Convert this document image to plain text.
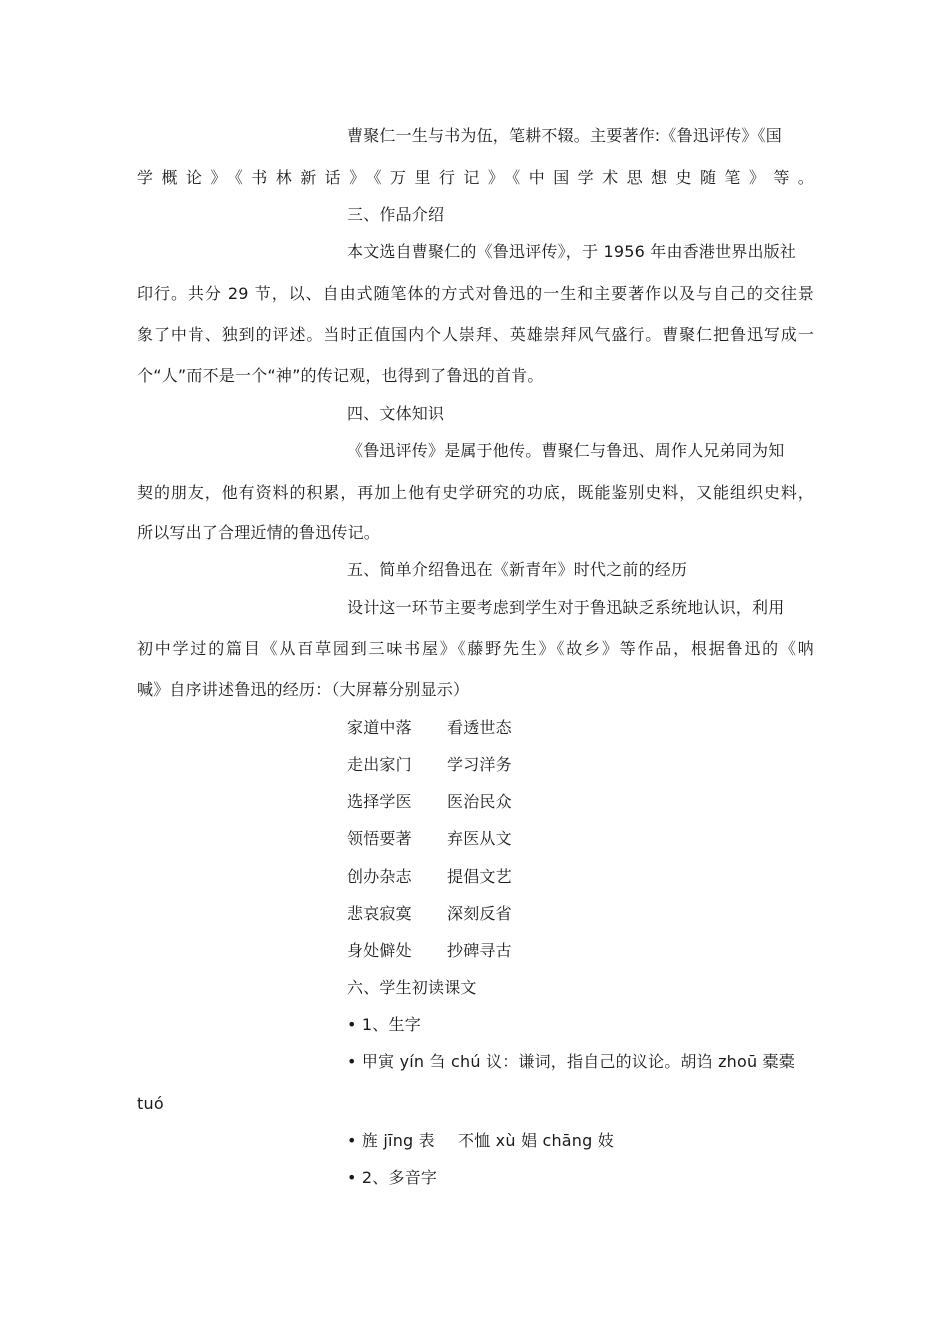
曹聚仁一生与书为伍，笔耕不辍。主要著作:《鲁迅评传》《国
学概论》《书林新话》《万里行记》《中国学术思想史随笔》等。
三、作品介绍
本文选自曹聚仁的《鲁迅评传》，于 1956 年由香港世界出版社
印行。共分 29 节，以、自由式随笔体的方式对鲁迅的一生和主要著作以及与自己的交往景
象了中肯、独到的评述。当时正值国内个人崇拜、英雄崇拜风气盛行。曹聚仁把鲁迅写成一
个“人”而不是一个“神”的传记观，也得到了鲁迅的首肯。
四、文体知识
《鲁迅评传》是属于他传。曹聚仁与鲁迅、周作人兄弟同为知
契的朋友，他有资料的积累，再加上他有史学研究的功底，既能鉴别史料，又能组织史料，
所以写出了合理近情的鲁迅传记。
五、简单介绍鲁迅在《新青年》时代之前的经历
设计这一环节主要考虑到学生对于鲁迅缺乏系统地认识，利用
初中学过的篇目《从百草园到三味书屋》《藤野先生》《故乡》等作品，根据鲁迅的《呐
喊》自序讲述鲁迅的经历：（大屏幕分别显示）
家道中落 看透世态
走出家门 学习洋务
选择学医 医治民众
领悟要著 弃医从文
创办杂志 提倡文艺
悲哀寂寞 深刻反省
身处僻处 抄碑寻古
六、学生初读课文
• 1、生字
• 甲寅 yín 刍 chú 议：谦词，指自己的议论。胡诌 zhoū 橐橐
tuó
• 旌 jīng 表 不恤 xù 娼 chāng 妓
• 2、多音字
